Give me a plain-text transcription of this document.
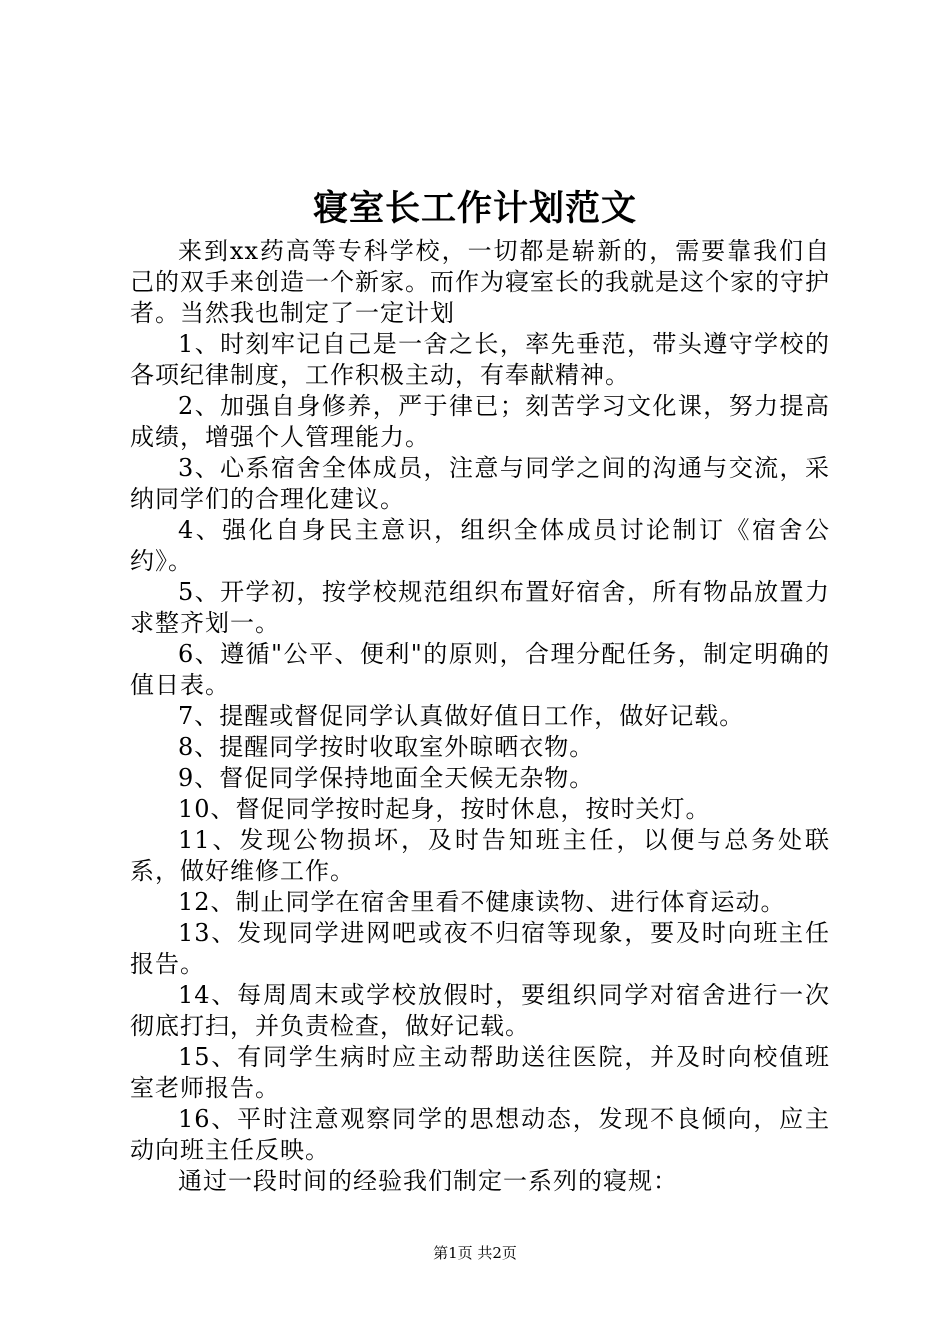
寝室长工作计划范文

来到xx药高等专科学校，一切都是崭新的，需要靠我们自己的双手来创造一个新家。而作为寝室长的我就是这个家的守护者。当然我也制定了一定计划

1、时刻牢记自己是一舍之长，率先垂范，带头遵守学校的各项纪律制度，工作积极主动，有奉献精神。

2、加强自身修养，严于律已；刻苦学习文化课，努力提高成绩，增强个人管理能力。

3、心系宿舍全体成员，注意与同学之间的沟通与交流，采纳同学们的合理化建议。

4、强化自身民主意识，组织全体成员讨论制订《宿舍公约》。

5、开学初，按学校规范组织布置好宿舍，所有物品放置力求整齐划一。

6、遵循"公平、便利"的原则，合理分配任务，制定明确的值日表。

7、提醒或督促同学认真做好值日工作，做好记载。

8、提醒同学按时收取室外晾晒衣物。

9、督促同学保持地面全天候无杂物。

10、督促同学按时起身，按时休息，按时关灯。

11、发现公物损坏，及时告知班主任，以便与总务处联系，做好维修工作。

12、制止同学在宿舍里看不健康读物、进行体育运动。

13、发现同学进网吧或夜不归宿等现象，要及时向班主任报告。

14、每周周末或学校放假时，要组织同学对宿舍进行一次彻底打扫，并负责检查，做好记载。

15、有同学生病时应主动帮助送往医院，并及时向校值班室老师报告。

16、平时注意观察同学的思想动态，发现不良倾向，应主动向班主任反映。

通过一段时间的经验我们制定一系列的寝规：

第1页 共2页
